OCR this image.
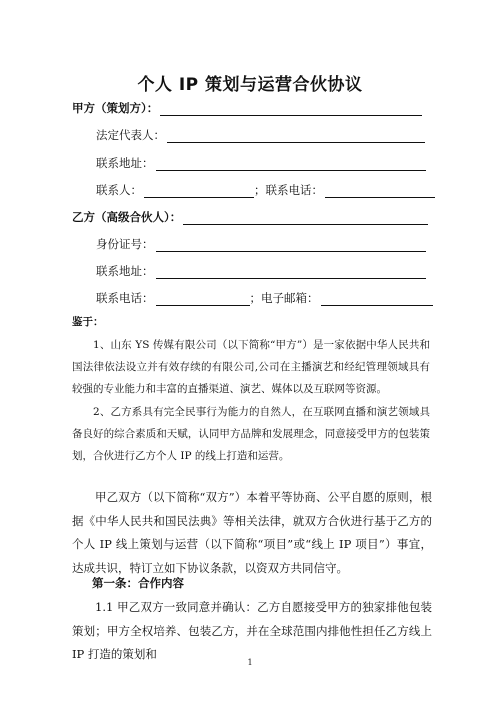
个人 IP 策划与运营合伙协议
甲方（策划方）：
法定代表人：
联系地址：
联系人：	；联系电话：
乙方（高级合伙人）：
身份证号：
联系地址：
联系电话：	；电子邮箱：
鉴于：
1、山东 YS 传媒有限公司（以下简称“甲方”）是一家依据中华人民共和国法律依法设立并有效存续的有限公司,公司在主播演艺和经纪管理领域具有较强的专业能力和丰富的直播渠道、演艺、媒体以及互联网等资源。
2、乙方系具有完全民事行为能力的自然人，在互联网直播和演艺领域具备良好的综合素质和天赋，认同甲方品牌和发展理念，同意接受甲方的包装策划，合伙进行乙方个人 IP 的线上打造和运营。
甲乙双方（以下简称“双方”）本着平等协商、公平自愿的原则，根据《中华人民共和国民法典》等相关法律，就双方合伙进行基于乙方的个人 IP 线上策划与运营（以下简称“项目”或“线上 IP 项目”）事宜，达成共识，特订立如下协议条款，以资双方共同信守。
第一条：合作内容
1.1 甲乙双方一致同意并确认：乙方自愿接受甲方的独家排他包装策划；甲方全权培养、包装乙方，并在全球范围内排他性担任乙方线上 IP 打造的策划和
1
